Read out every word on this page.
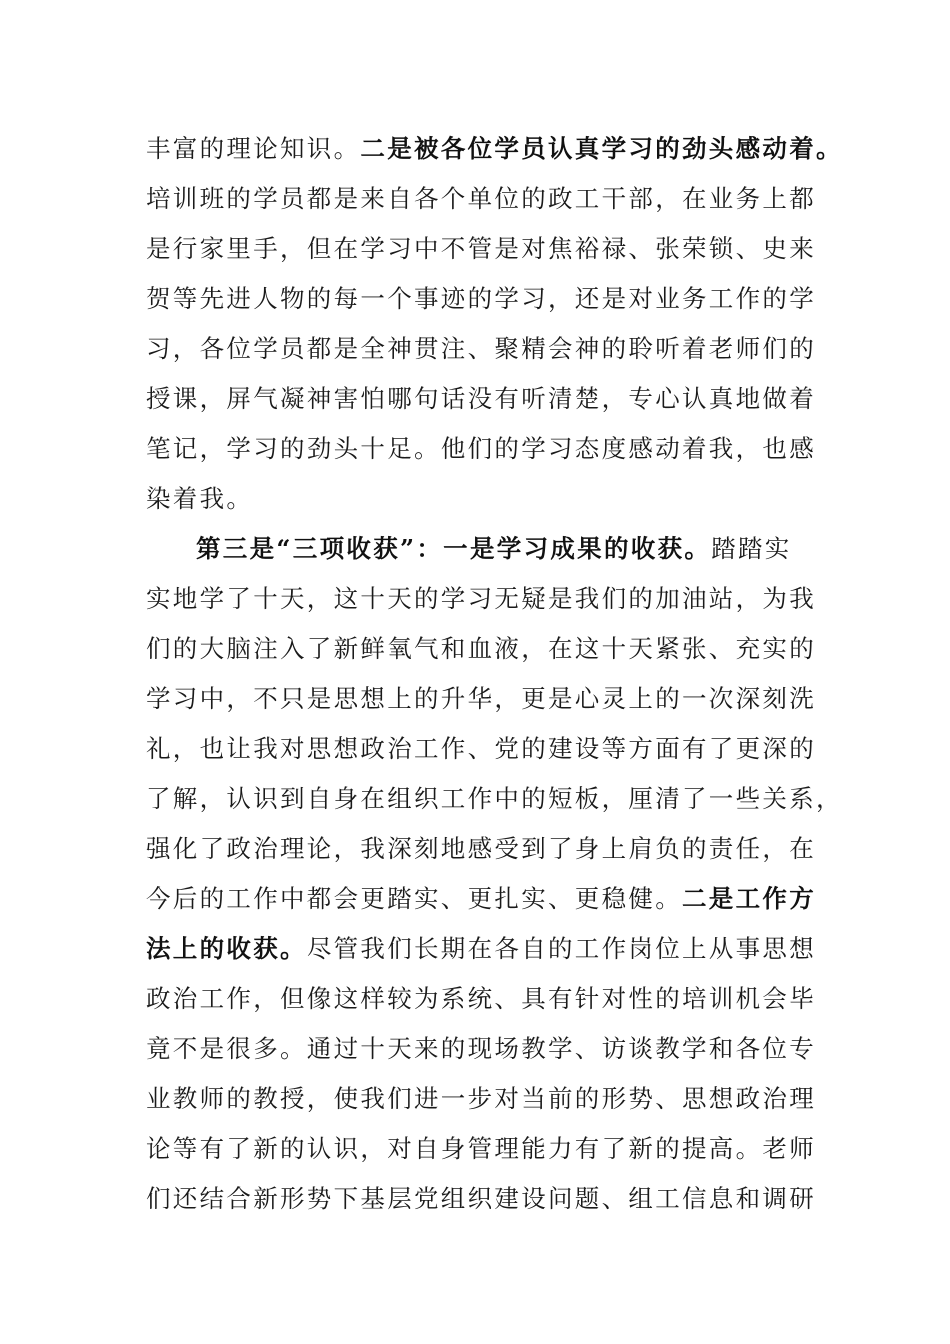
丰富的理论知识。二是被各位学员认真学习的劲头感动着。
培训班的学员都是来自各个单位的政工干部，在业务上都
是行家里手，但在学习中不管是对焦裕禄、张荣锁、史来
贺等先进人物的每一个事迹的学习，还是对业务工作的学
习，各位学员都是全神贯注、聚精会神的聆听着老师们的
授课，屏气凝神害怕哪句话没有听清楚，专心认真地做着
笔记，学习的劲头十足。他们的学习态度感动着我，也感
染着我。
第三是“三项收获”：一是学习成果的收获。踏踏实
实地学了十天，这十天的学习无疑是我们的加油站，为我
们的大脑注入了新鲜氧气和血液，在这十天紧张、充实的
学习中，不只是思想上的升华，更是心灵上的一次深刻洗
礼，也让我对思想政治工作、党的建设等方面有了更深的
了解，认识到自身在组织工作中的短板，厘清了一些关系，
强化了政治理论，我深刻地感受到了身上肩负的责任，在
今后的工作中都会更踏实、更扎实、更稳健。二是工作方
法上的收获。尽管我们长期在各自的工作岗位上从事思想
政治工作，但像这样较为系统、具有针对性的培训机会毕
竟不是很多。通过十天来的现场教学、访谈教学和各位专
业教师的教授，使我们进一步对当前的形势、思想政治理
论等有了新的认识，对自身管理能力有了新的提高。老师
们还结合新形势下基层党组织建设问题、组工信息和调研
